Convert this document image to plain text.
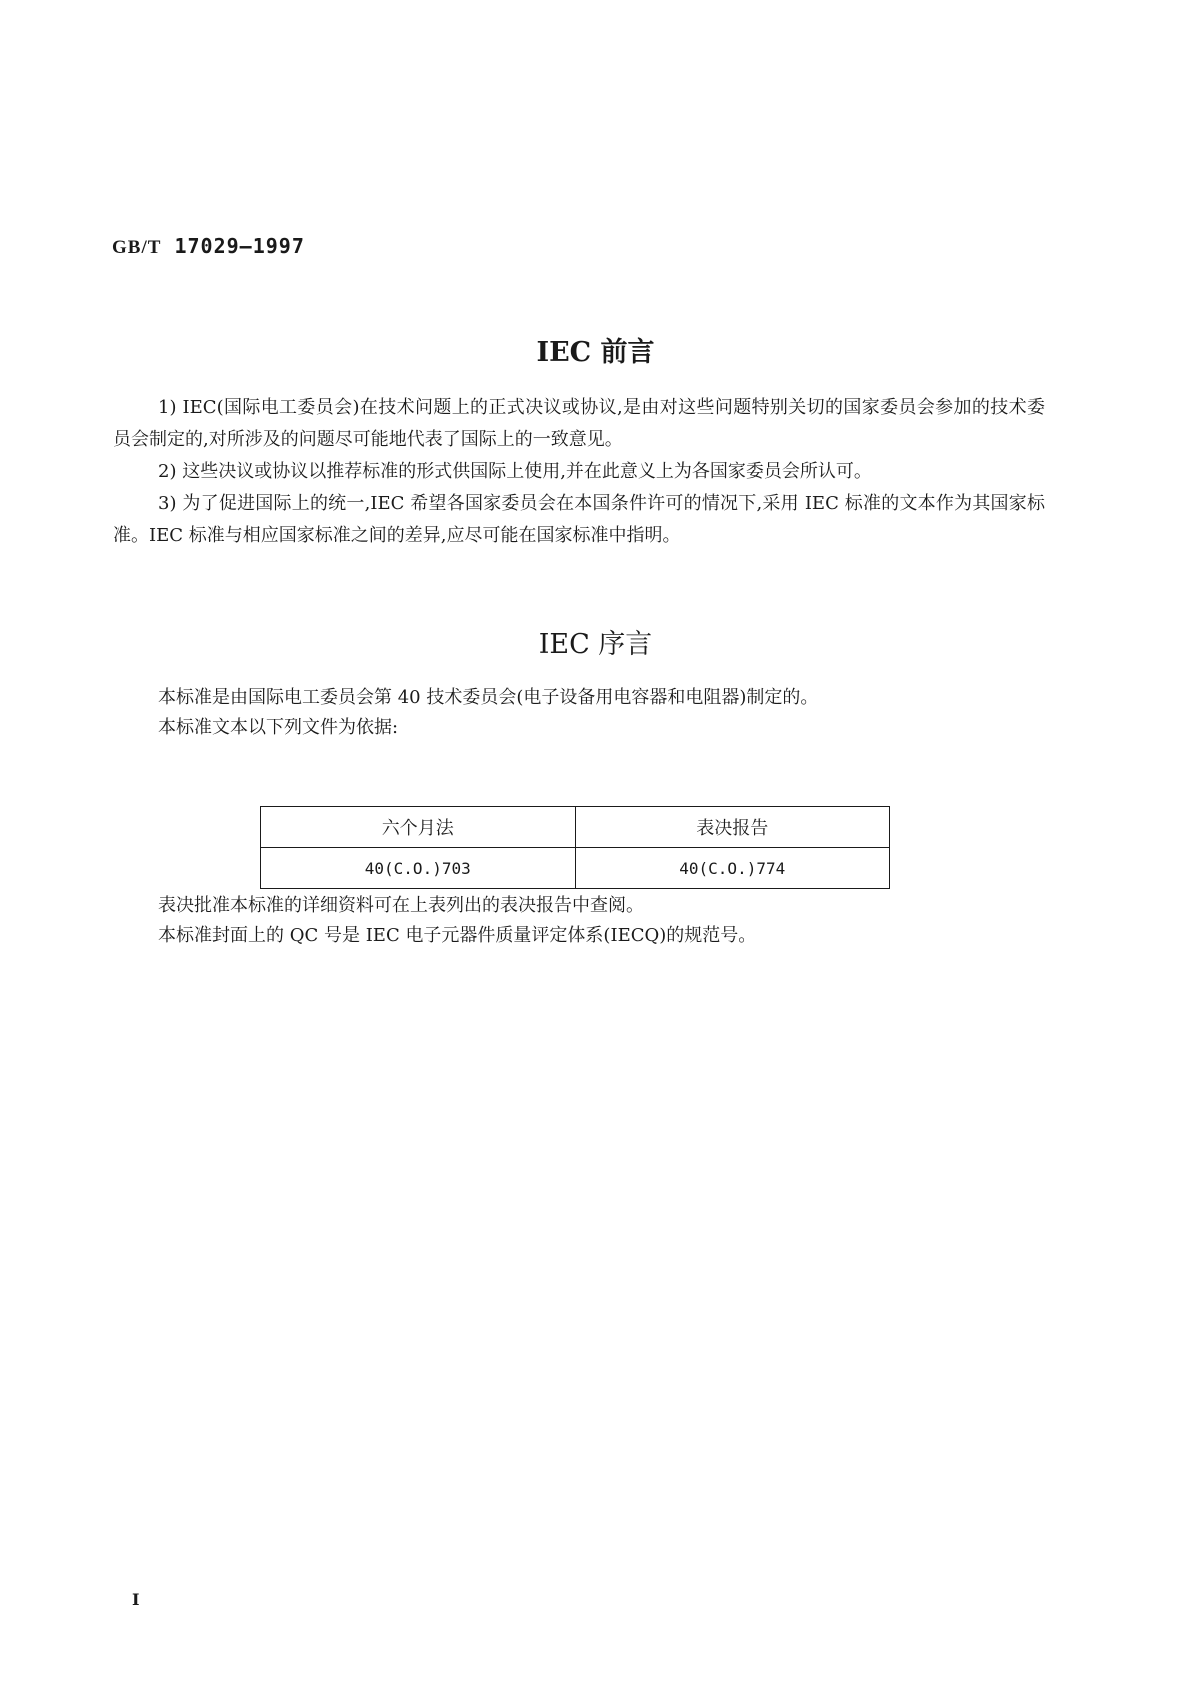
GB/T 17029—1997
IEC 前言
1) IEC(国际电工委员会)在技术问题上的正式决议或协议,是由对这些问题特别关切的国家委员会参加的技术委员会制定的,对所涉及的问题尽可能地代表了国际上的一致意见。
2) 这些决议或协议以推荐标准的形式供国际上使用,并在此意义上为各国家委员会所认可。
3) 为了促进国际上的统一,IEC 希望各国家委员会在本国条件许可的情况下,采用 IEC 标准的文本作为其国家标准。IEC 标准与相应国家标准之间的差异,应尽可能在国家标准中指明。
IEC 序言
本标准是由国际电工委员会第 40 技术委员会(电子设备用电容器和电阻器)制定的。
本标准文本以下列文件为依据:
六个月法	表决报告
40(C.O.)703	40(C.O.)774
表决批准本标准的详细资料可在上表列出的表决报告中查阅。
本标准封面上的 QC 号是 IEC 电子元器件质量评定体系(IECQ)的规范号。
I
